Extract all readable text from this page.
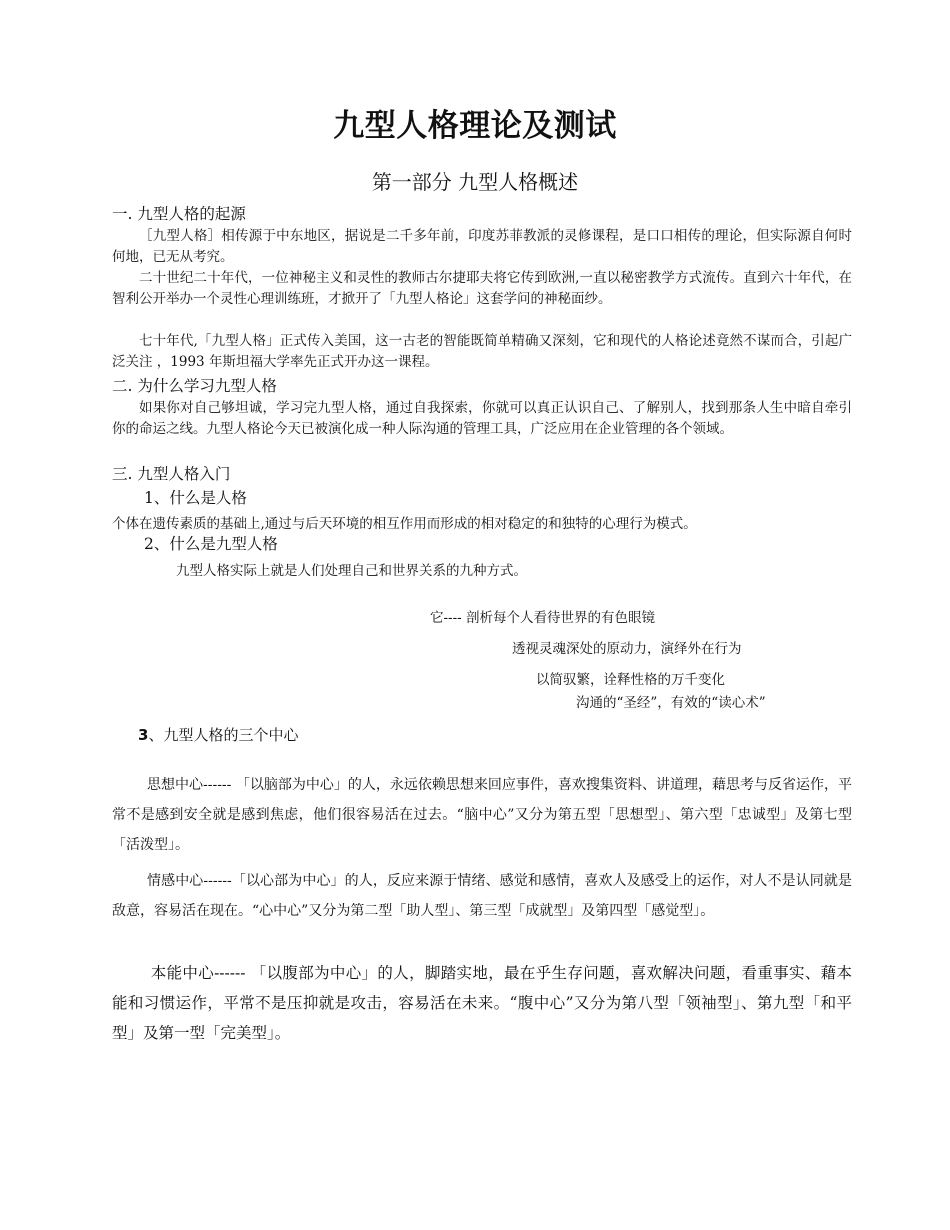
九型人格理论及测试
第一部分 九型人格概述
一. 九型人格的起源
［九型人格］相传源于中东地区，据说是二千多年前，印度苏菲教派的灵修课程，是口口相传的理论，但实际源自何时何地，已无从考究。
二十世纪二十年代，一位神秘主义和灵性的教师古尔捷耶夫将它传到欧洲,一直以秘密教学方式流传。直到六十年代，在智利公开举办一个灵性心理训练班，才掀开了「九型人格论」这套学问的神秘面纱。
七十年代,「九型人格」正式传入美国，这一古老的智能既简单精确又深刻，它和现代的人格论述竟然不谋而合，引起广泛关注 ，1993 年斯坦福大学率先正式开办这一课程。
二. 为什么学习九型人格
如果你对自己够坦诚，学习完九型人格，通过自我探索，你就可以真正认识自己、了解别人，找到那条人生中暗自牵引你的命运之线。九型人格论今天已被演化成一种人际沟通的管理工具，广泛应用在企业管理的各个领域。
三. 九型人格入门
1、什么是人格
个体在遗传素质的基础上,通过与后天环境的相互作用而形成的相对稳定的和独特的心理行为模式。
2、什么是九型人格
九型人格实际上就是人们处理自己和世界关系的九种方式。
它---- 剖析每个人看待世界的有色眼镜
透视灵魂深处的原动力，演绎外在行为
以简驭繁，诠释性格的万千变化
沟通的“圣经”，有效的“读心术”
3、九型人格的三个中心
思想中心------ 「以脑部为中心」的人，永远依赖思想来回应事件，喜欢搜集资料、讲道理，藉思考与反省运作，平常不是感到安全就是感到焦虑，他们很容易活在过去。“脑中心”又分为第五型「思想型」、第六型「忠诚型」及第七型「活泼型」。
情感中心------「以心部为中心」的人，反应来源于情绪、感觉和感情，喜欢人及感受上的运作，对人不是认同就是敌意，容易活在现在。“心中心”又分为第二型「助人型」、第三型「成就型」及第四型「感觉型」。
本能中心------ 「以腹部为中心」的人，脚踏实地，最在乎生存问题，喜欢解决问题，看重事实、藉本能和习惯运作，平常不是压抑就是攻击，容易活在未来。“腹中心”又分为第八型「领袖型」、第九型「和平型」及第一型「完美型」。
